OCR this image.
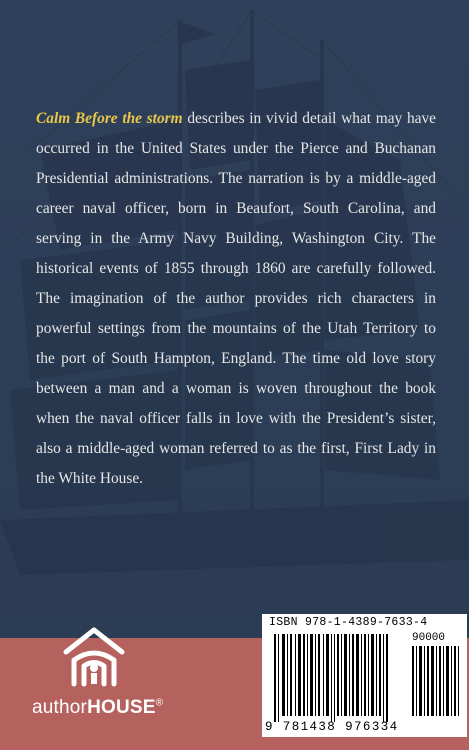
Calm Before the storm describes in vivid detail what may have occurred in the United States under the Pierce and Buchanan Presidential administrations. The narration is by a middle-aged career naval officer, born in Beaufort, South Carolina, and serving in the Army Navy Building, Washington City. The historical events of 1855 through 1860 are carefully followed. The imagination of the author provides rich characters in powerful settings from the mountains of the Utah Territory to the port of South Hampton, England. The time old love story between a man and a woman is woven throughout the book when the naval officer falls in love with the President’s sister, also a middle-aged woman referred to as the first, First Lady in the White House.
authorHOUSE®
ISBN 978-1-4389-7633-4
90000
9 781438 976334
